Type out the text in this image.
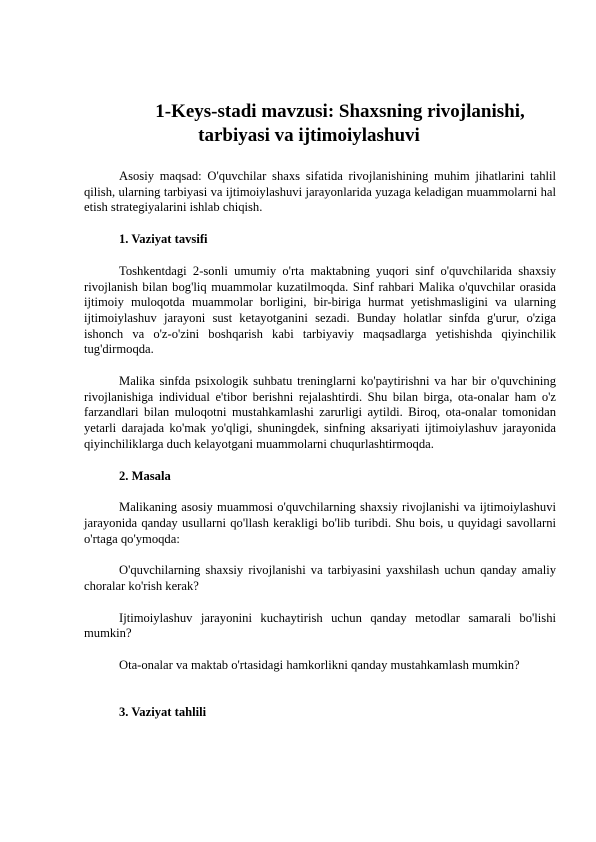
1-Keys-stadi mavzusi: Shaxsning rivojlanishi,
tarbiyasi va ijtimoiylashuvi

Asosiy maqsad: O'quvchilar shaxs sifatida rivojlanishining muhim jihatlarini tahlil qilish, ularning tarbiyasi va ijtimoiylashuvi jarayonlarida yuzaga keladigan muammolarni hal etish strategiyalarini ishlab chiqish.

1. Vaziyat tavsifi

Toshkentdagi 2-sonli umumiy o'rta maktabning yuqori sinf o'quvchilarida shaxsiy rivojlanish bilan bog'liq muammolar kuzatilmoqda. Sinf rahbari Malika o'quvchilar orasida ijtimoiy muloqotda muammolar borligini, bir-biriga hurmat yetishmasligini va ularning ijtimoiylashuv jarayoni sust ketayotganini sezadi. Bunday holatlar sinfda g'urur, o'ziga ishonch va o'z-o'zini boshqarish kabi tarbiyaviy maqsadlarga yetishishda qiyinchilik tug'dirmoqda.

Malika sinfda psixologik suhbatu treninglarni ko'paytirishni va har bir o'quvchining rivojlanishiga individual e'tibor berishni rejalashtirdi. Shu bilan birga, ota-onalar ham o'z farzandlari bilan muloqotni mustahkamlashi zarurligi aytildi. Biroq, ota-onalar tomonidan yetarli darajada ko'mak yo'qligi, shuningdek, sinfning aksariyati ijtimoiylashuv jarayonida qiyinchiliklarga duch kelayotgani muammolarni chuqurlashtirmoqda.

2. Masala

Malikaning asosiy muammosi o'quvchilarning shaxsiy rivojlanishi va ijtimoiylashuvi jarayonida qanday usullarni qo'llash kerakligi bo'lib turibdi. Shu bois, u quyidagi savollarni o'rtaga qo'ymoqda:

O'quvchilarning shaxsiy rivojlanishi va tarbiyasini yaxshilash uchun qanday amaliy choralar ko'rish kerak?

Ijtimoiylashuv jarayonini kuchaytirish uchun qanday metodlar samarali bo'lishi mumkin?

Ota-onalar va maktab o'rtasidagi hamkorlikni qanday mustahkamlash mumkin?

3. Vaziyat tahlili
